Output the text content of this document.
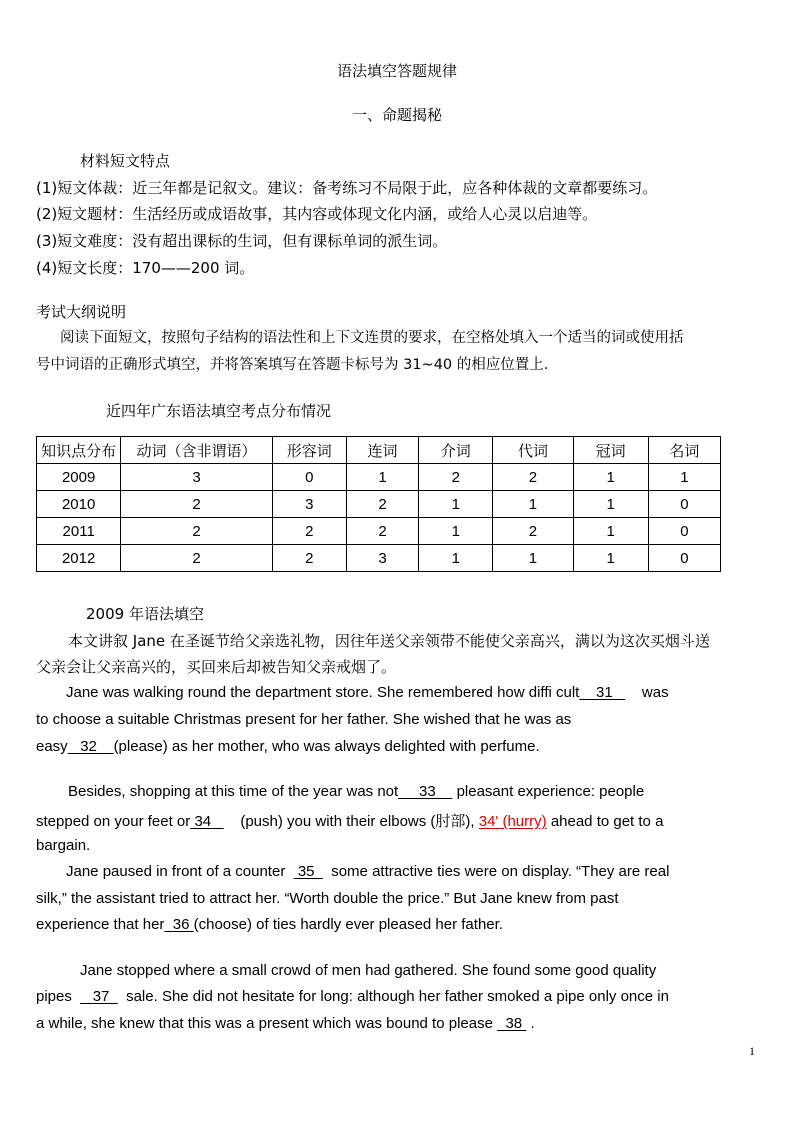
语法填空答题规律
一、命题揭秘
材料短文特点
(1)短文体裁：近三年都是记叙文。建议：备考练习不局限于此，应各种体裁的文章都要练习。
(2)短文题材：生活经历或成语故事，其内容或体现文化内涵，或给人心灵以启迪等。
(3)短文难度：没有超出课标的生词，但有课标单词的派生词。
(4)短文长度：170——200 词。
考试大纲说明
阅读下面短文，按照句子结构的语法性和上下文连贯的要求，在空格处填入一个适当的词或使用括
号中词语的正确形式填空，并将答案填写在答题卡标号为 31~40 的相应位置上.
近四年广东语法填空考点分布情况
知识点分布	动词（含非谓语）	形容词	连词	介词	代词	冠词	名词
2009	3	0	1	2	2	1	1
2010	2	3	2	1	1	1	0
2011	2	2	2	1	2	1	0
2012	2	2	3	1	1	1	0
2009 年语法填空
本文讲叙 Jane 在圣诞节给父亲选礼物，因往年送父亲领带不能使父亲高兴，满以为这次买烟斗送
父亲会让父亲高兴的，买回来后却被告知父亲戒烟了。
Jane was walking round the department store. She remembered how diffi cult 31 was
to choose a suitable Christmas present for her father. She wished that he was as
easy 32 (please) as her mother, who was always delighted with perfume.
Besides, shopping at this time of the year was not 33 pleasant experience: people
stepped on your feet or 34 (push) you with their elbows (肘部), 34' (hurry) ahead to get to a
bargain.
Jane paused in front of a counter 35 some attractive ties were on display. “They are real
silk,” the assistant tried to attract her. “Worth double the price.” But Jane knew from past
experience that her 36 (choose) of ties hardly ever pleased her father.
Jane stopped where a small crowd of men had gathered. She found some good quality
pipes 37 sale. She did not hesitate for long: although her father smoked a pipe only once in
a while, she knew that this was a present which was bound to please 38 .
1
